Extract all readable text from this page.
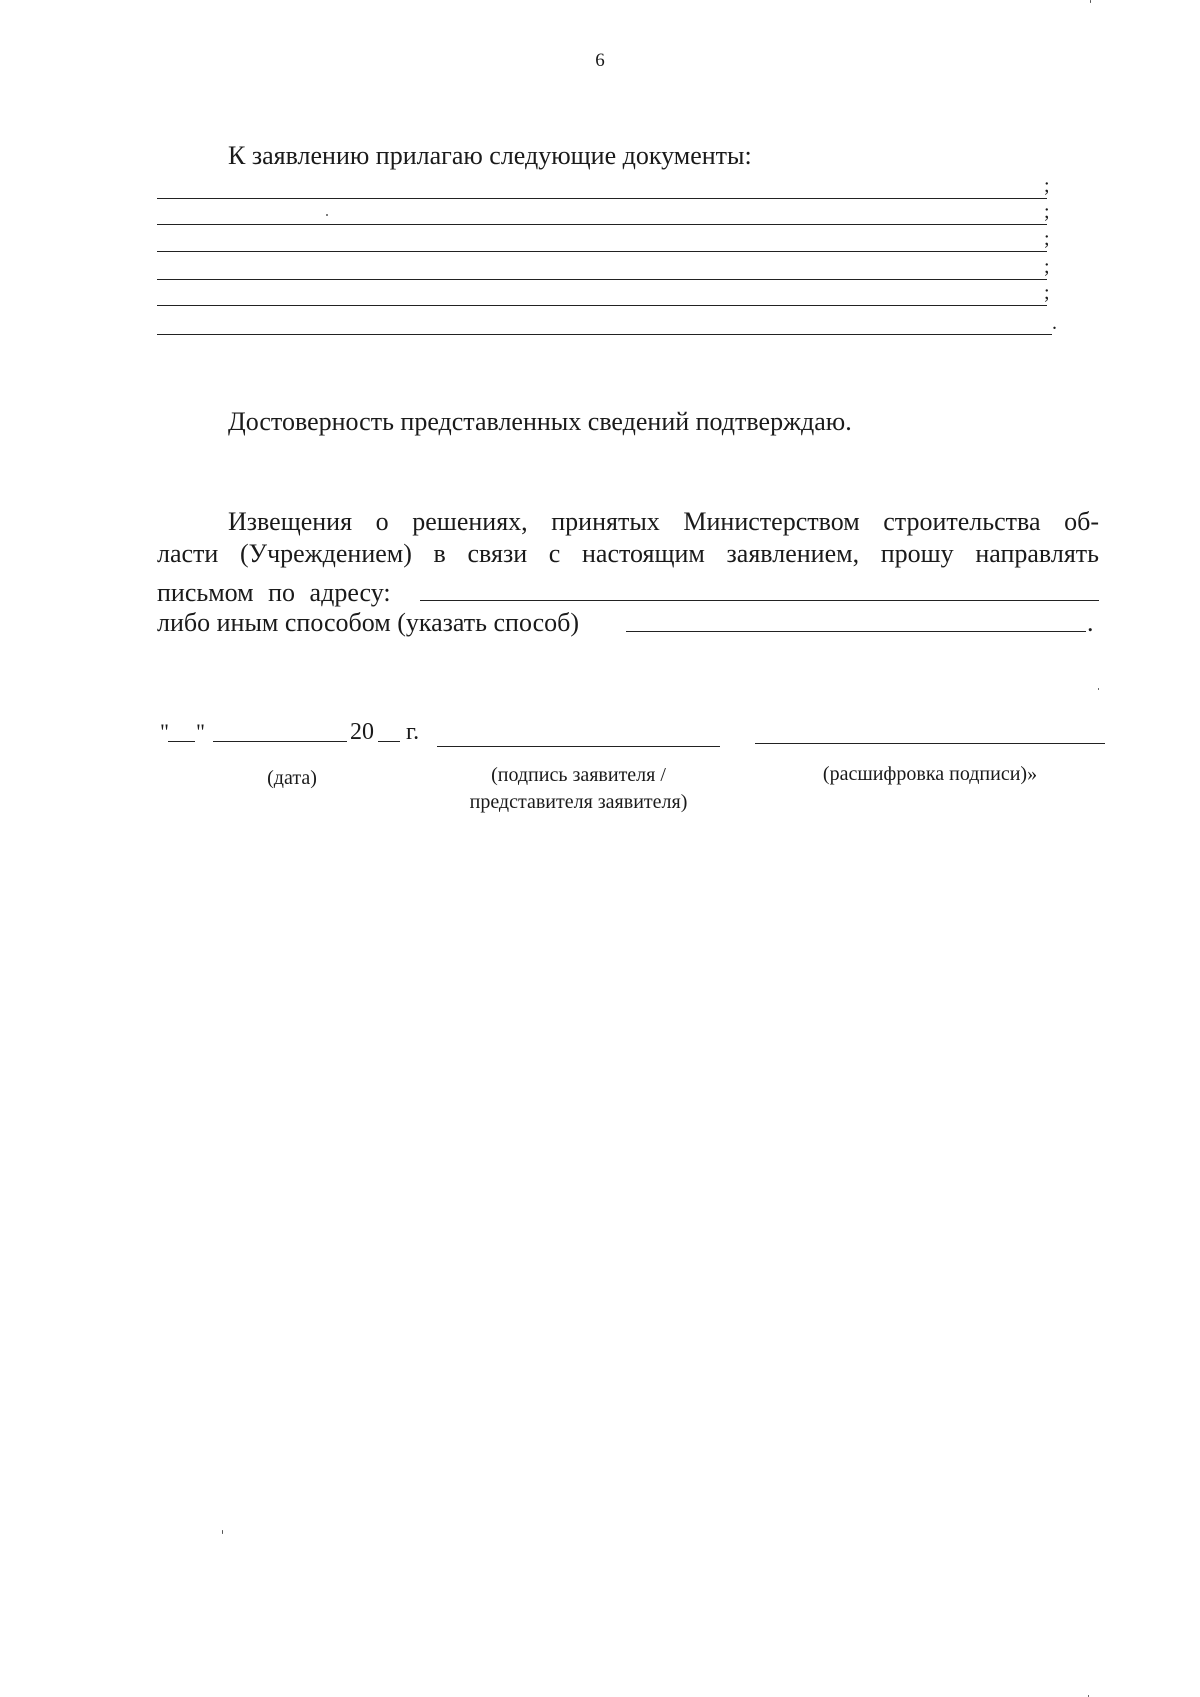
6
К заявлению прилагаю следующие документы:
;
;
;
;
;
.
Достоверность представленных сведений подтверждаю.
Извещения о решениях, принятых Министерством строительства об-
ласти (Учреждением) в связи с настоящим заявлением, прошу направлять
письмом по адресу:
либо иным способом (указать способ)	.
" "	20 г.
(дата)	(подпись заявителя /
представителя заявителя)
(расшифровка подписи)»
